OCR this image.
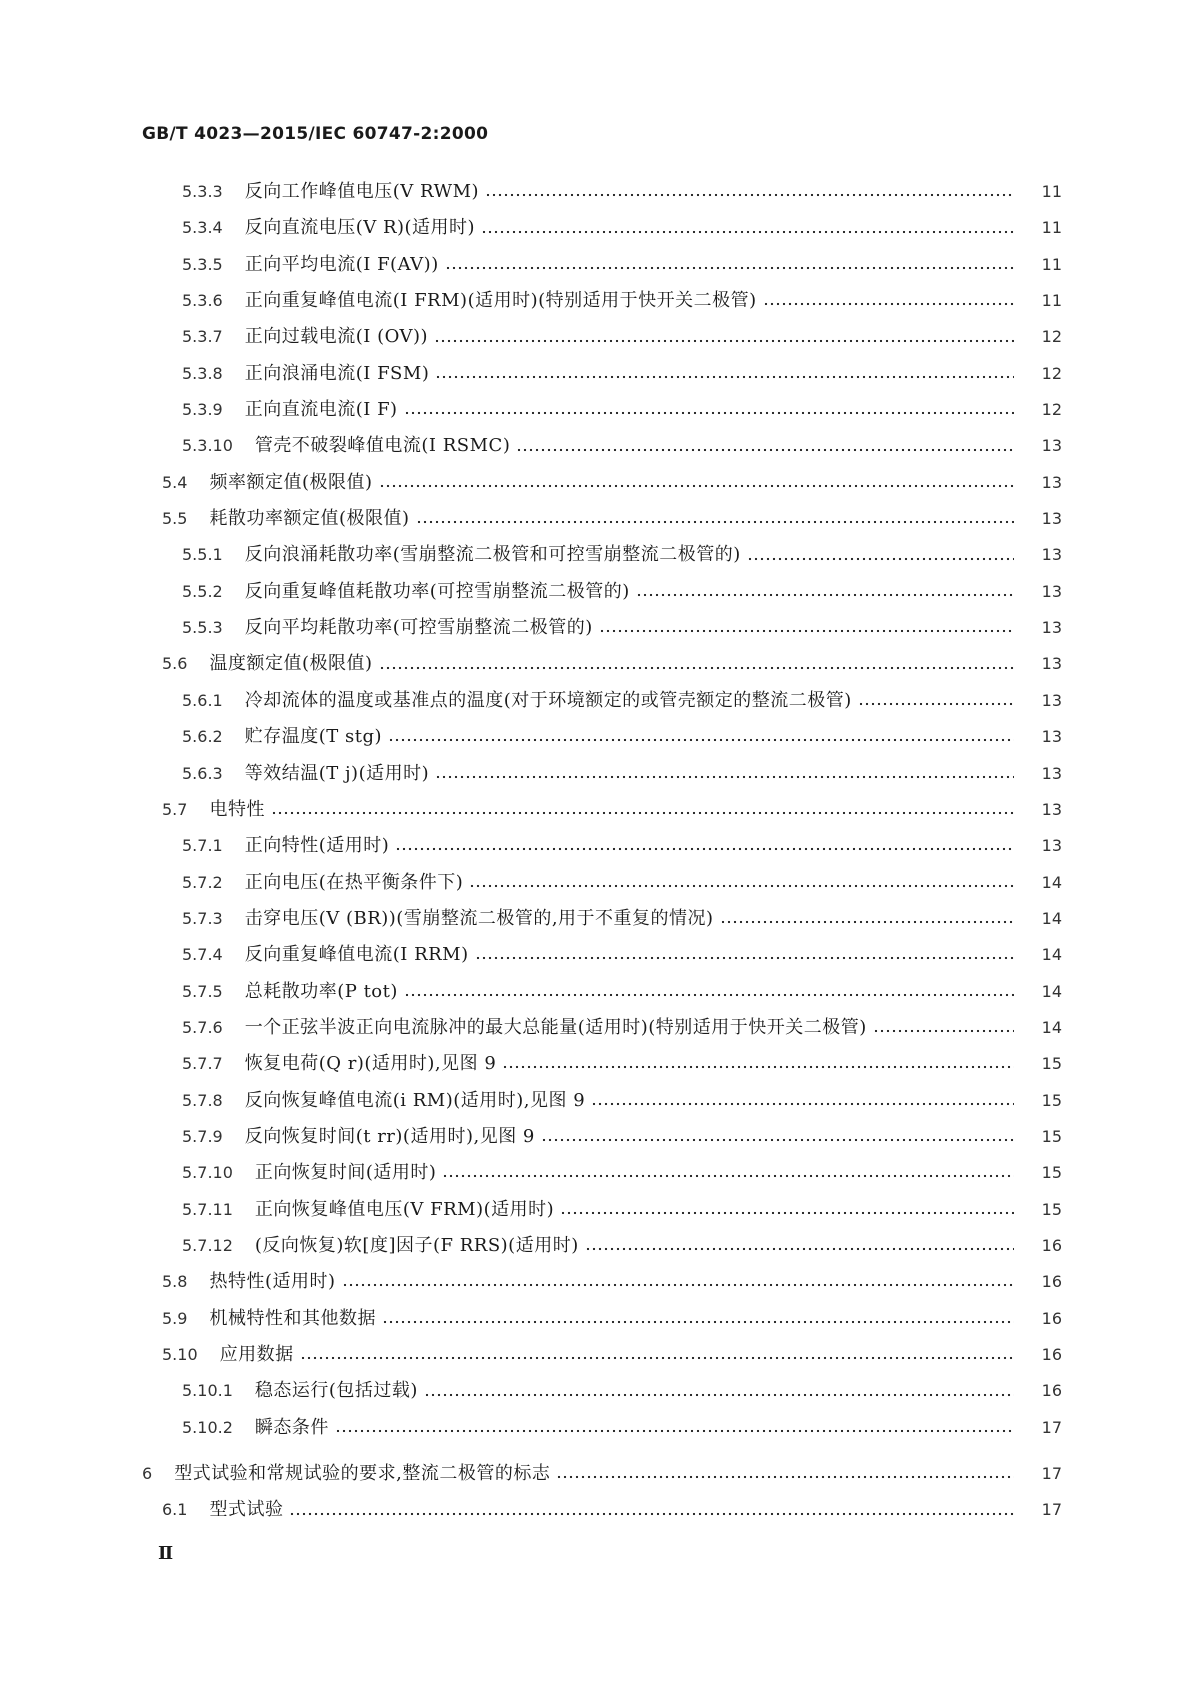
GB/T 4023—2015/IEC 60747-2:2000
5.3.3 反向工作峰值电压(V RWM)	11
5.3.4 反向直流电压(V R)(适用时)	11
5.3.5 正向平均电流(I F(AV))	11
5.3.6 正向重复峰值电流(I FRM)(适用时)(特别适用于快开关二极管)	11
5.3.7 正向过载电流(I (OV))	12
5.3.8 正向浪涌电流(I FSM)	12
5.3.9 正向直流电流(I F)	12
5.3.10 管壳不破裂峰值电流(I RSMC)	13
5.4 频率额定值(极限值)	13
5.5 耗散功率额定值(极限值)	13
5.5.1 反向浪涌耗散功率(雪崩整流二极管和可控雪崩整流二极管的)	13
5.5.2 反向重复峰值耗散功率(可控雪崩整流二极管的)	13
5.5.3 反向平均耗散功率(可控雪崩整流二极管的)	13
5.6 温度额定值(极限值)	13
5.6.1 冷却流体的温度或基准点的温度(对于环境额定的或管壳额定的整流二极管)	13
5.6.2 贮存温度(T stg)	13
5.6.3 等效结温(T j)(适用时)	13
5.7 电特性	13
5.7.1 正向特性(适用时)	13
5.7.2 正向电压(在热平衡条件下)	14
5.7.3 击穿电压(V (BR))(雪崩整流二极管的,用于不重复的情况)	14
5.7.4 反向重复峰值电流(I RRM)	14
5.7.5 总耗散功率(P tot)	14
5.7.6 一个正弦半波正向电流脉冲的最大总能量(适用时)(特别适用于快开关二极管)	14
5.7.7 恢复电荷(Q r)(适用时),见图 9	15
5.7.8 反向恢复峰值电流(i RM)(适用时),见图 9	15
5.7.9 反向恢复时间(t rr)(适用时),见图 9	15
5.7.10 正向恢复时间(适用时)	15
5.7.11 正向恢复峰值电压(V FRM)(适用时)	15
5.7.12 (反向恢复)软[度]因子(F RRS)(适用时)	16
5.8 热特性(适用时)	16
5.9 机械特性和其他数据	16
5.10 应用数据	16
5.10.1 稳态运行(包括过载)	16
5.10.2 瞬态条件	17
6 型式试验和常规试验的要求,整流二极管的标志	17
6.1 型式试验	17
Ⅱ
